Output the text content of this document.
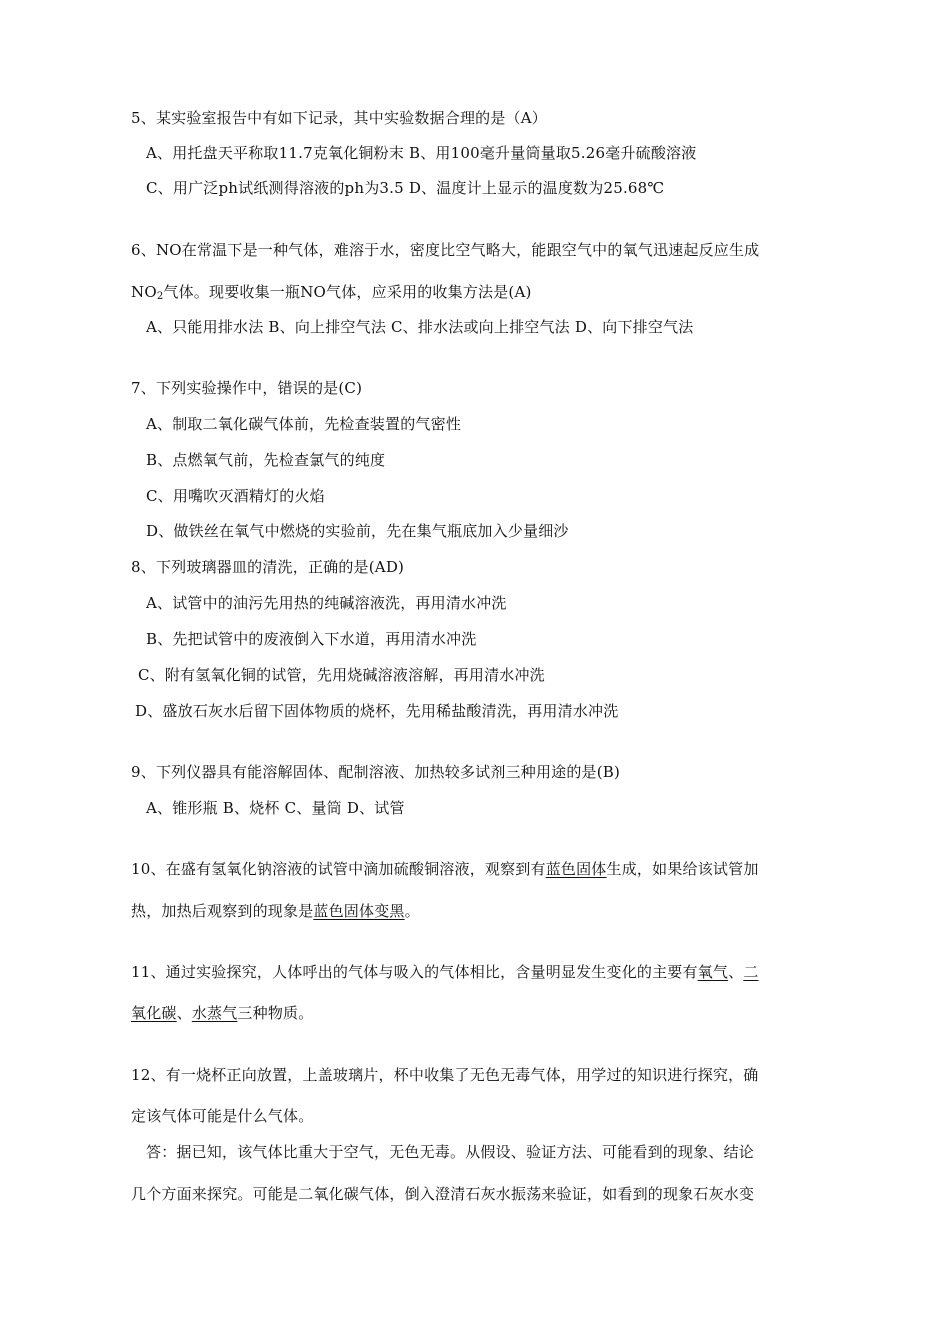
5、某实验室报告中有如下记录，其中实验数据合理的是（A）
A、用托盘天平称取11.7克氧化铜粉末 B、用100毫升量筒量取5.26毫升硫酸溶液
C、用广泛ph试纸测得溶液的ph为3.5 D、温度计上显示的温度数为25.68℃
6、NO在常温下是一种气体，难溶于水，密度比空气略大，能跟空气中的氧气迅速起反应生成
$NO_2$气体。现要收集一瓶NO气体，应采用的收集方法是(A)
A、只能用排水法 B、向上排空气法 C、排水法或向上排空气法 D、向下排空气法
7、下列实验操作中，错误的是(C)
A、制取二氧化碳气体前，先检查装置的气密性
B、点燃氧气前，先检查氯气的纯度
C、用嘴吹灭酒精灯的火焰
D、做铁丝在氧气中燃烧的实验前，先在集气瓶底加入少量细沙
8、下列玻璃器皿的清洗，正确的是(AD)
A、试管中的油污先用热的纯碱溶液洗，再用清水冲洗
B、先把试管中的废液倒入下水道，再用清水冲洗
C、附有氢氧化铜的试管，先用烧碱溶液溶解，再用清水冲洗
D、盛放石灰水后留下固体物质的烧杯，先用稀盐酸清洗，再用清水冲洗
9、下列仪器具有能溶解固体、配制溶液、加热较多试剂三种用途的是(B)
A、锥形瓶 B、烧杯 C、量筒 D、试管
10、在盛有氢氧化钠溶液的试管中滴加硫酸铜溶液，观察到有蓝色固体生成，如果给该试管加
热，加热后观察到的现象是蓝色固体变黑。
11、通过实验探究，人体呼出的气体与吸入的气体相比，含量明显发生变化的主要有氧气、二
氧化碳、水蒸气三种物质。
12、有一烧杯正向放置，上盖玻璃片，杯中收集了无色无毒气体，用学过的知识进行探究，确
定该气体可能是什么气体。
答：据已知，该气体比重大于空气，无色无毒。从假设、验证方法、可能看到的现象、结论
几个方面来探究。可能是二氧化碳气体，倒入澄清石灰水振荡来验证，如看到的现象石灰水变
